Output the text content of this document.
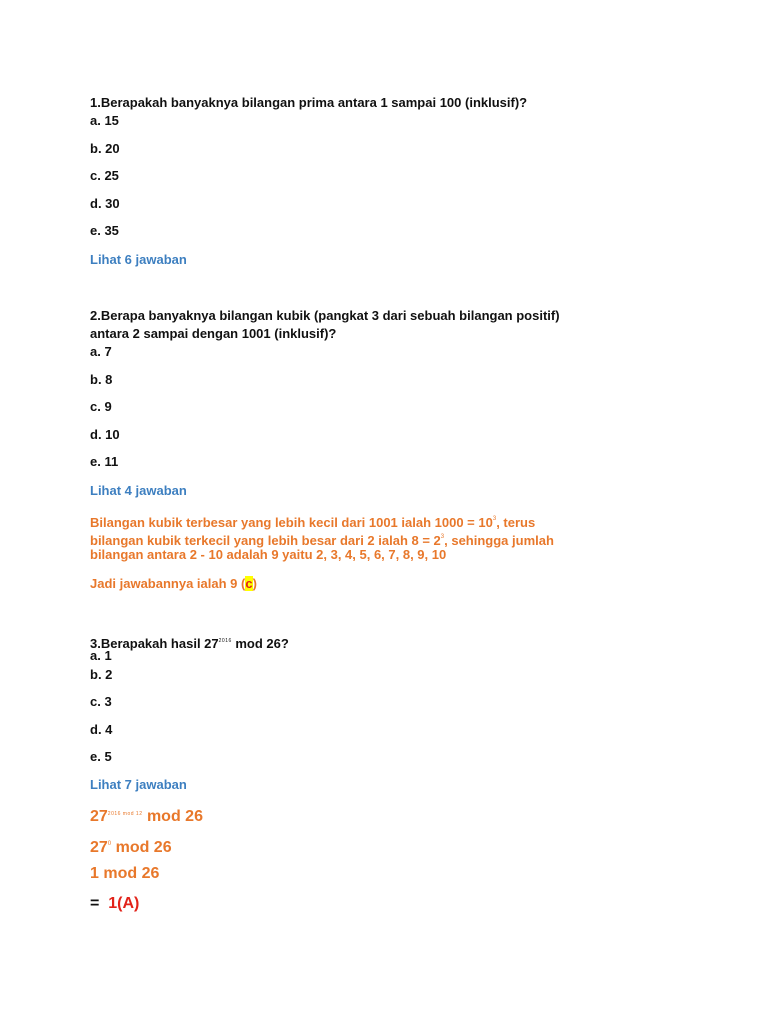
1.Berapakah banyaknya bilangan prima antara 1 sampai 100 (inklusif)?
a. 15
b. 20
c. 25
d. 30
e. 35
Lihat 6 jawaban
2.Berapa banyaknya bilangan kubik (pangkat 3 dari sebuah bilangan positif)
antara 2 sampai dengan 1001 (inklusif)?
a. 7
b. 8
c. 9
d. 10
e. 11
Lihat 4 jawaban
Bilangan kubik terbesar yang lebih kecil dari 1001 ialah $1000 = 10^3$, terus
bilangan kubik terkecil yang lebih besar dari 2 ialah $8 = 2^3$, sehingga jumlah
bilangan antara 2 - 10 adalah 9 yaitu 2, 3, 4, 5, 6, 7, 8, 9, 10
Jadi jawabannya ialah 9 (c)
3.Berapakah hasil $27^{2016}$ mod 26?
a. 1
b. 2
c. 3
d. 4
e. 5
Lihat 7 jawaban
$27^{2016 mod 12}$ mod 26
$27^0$ mod 26
1 mod 26
= 1(A)
